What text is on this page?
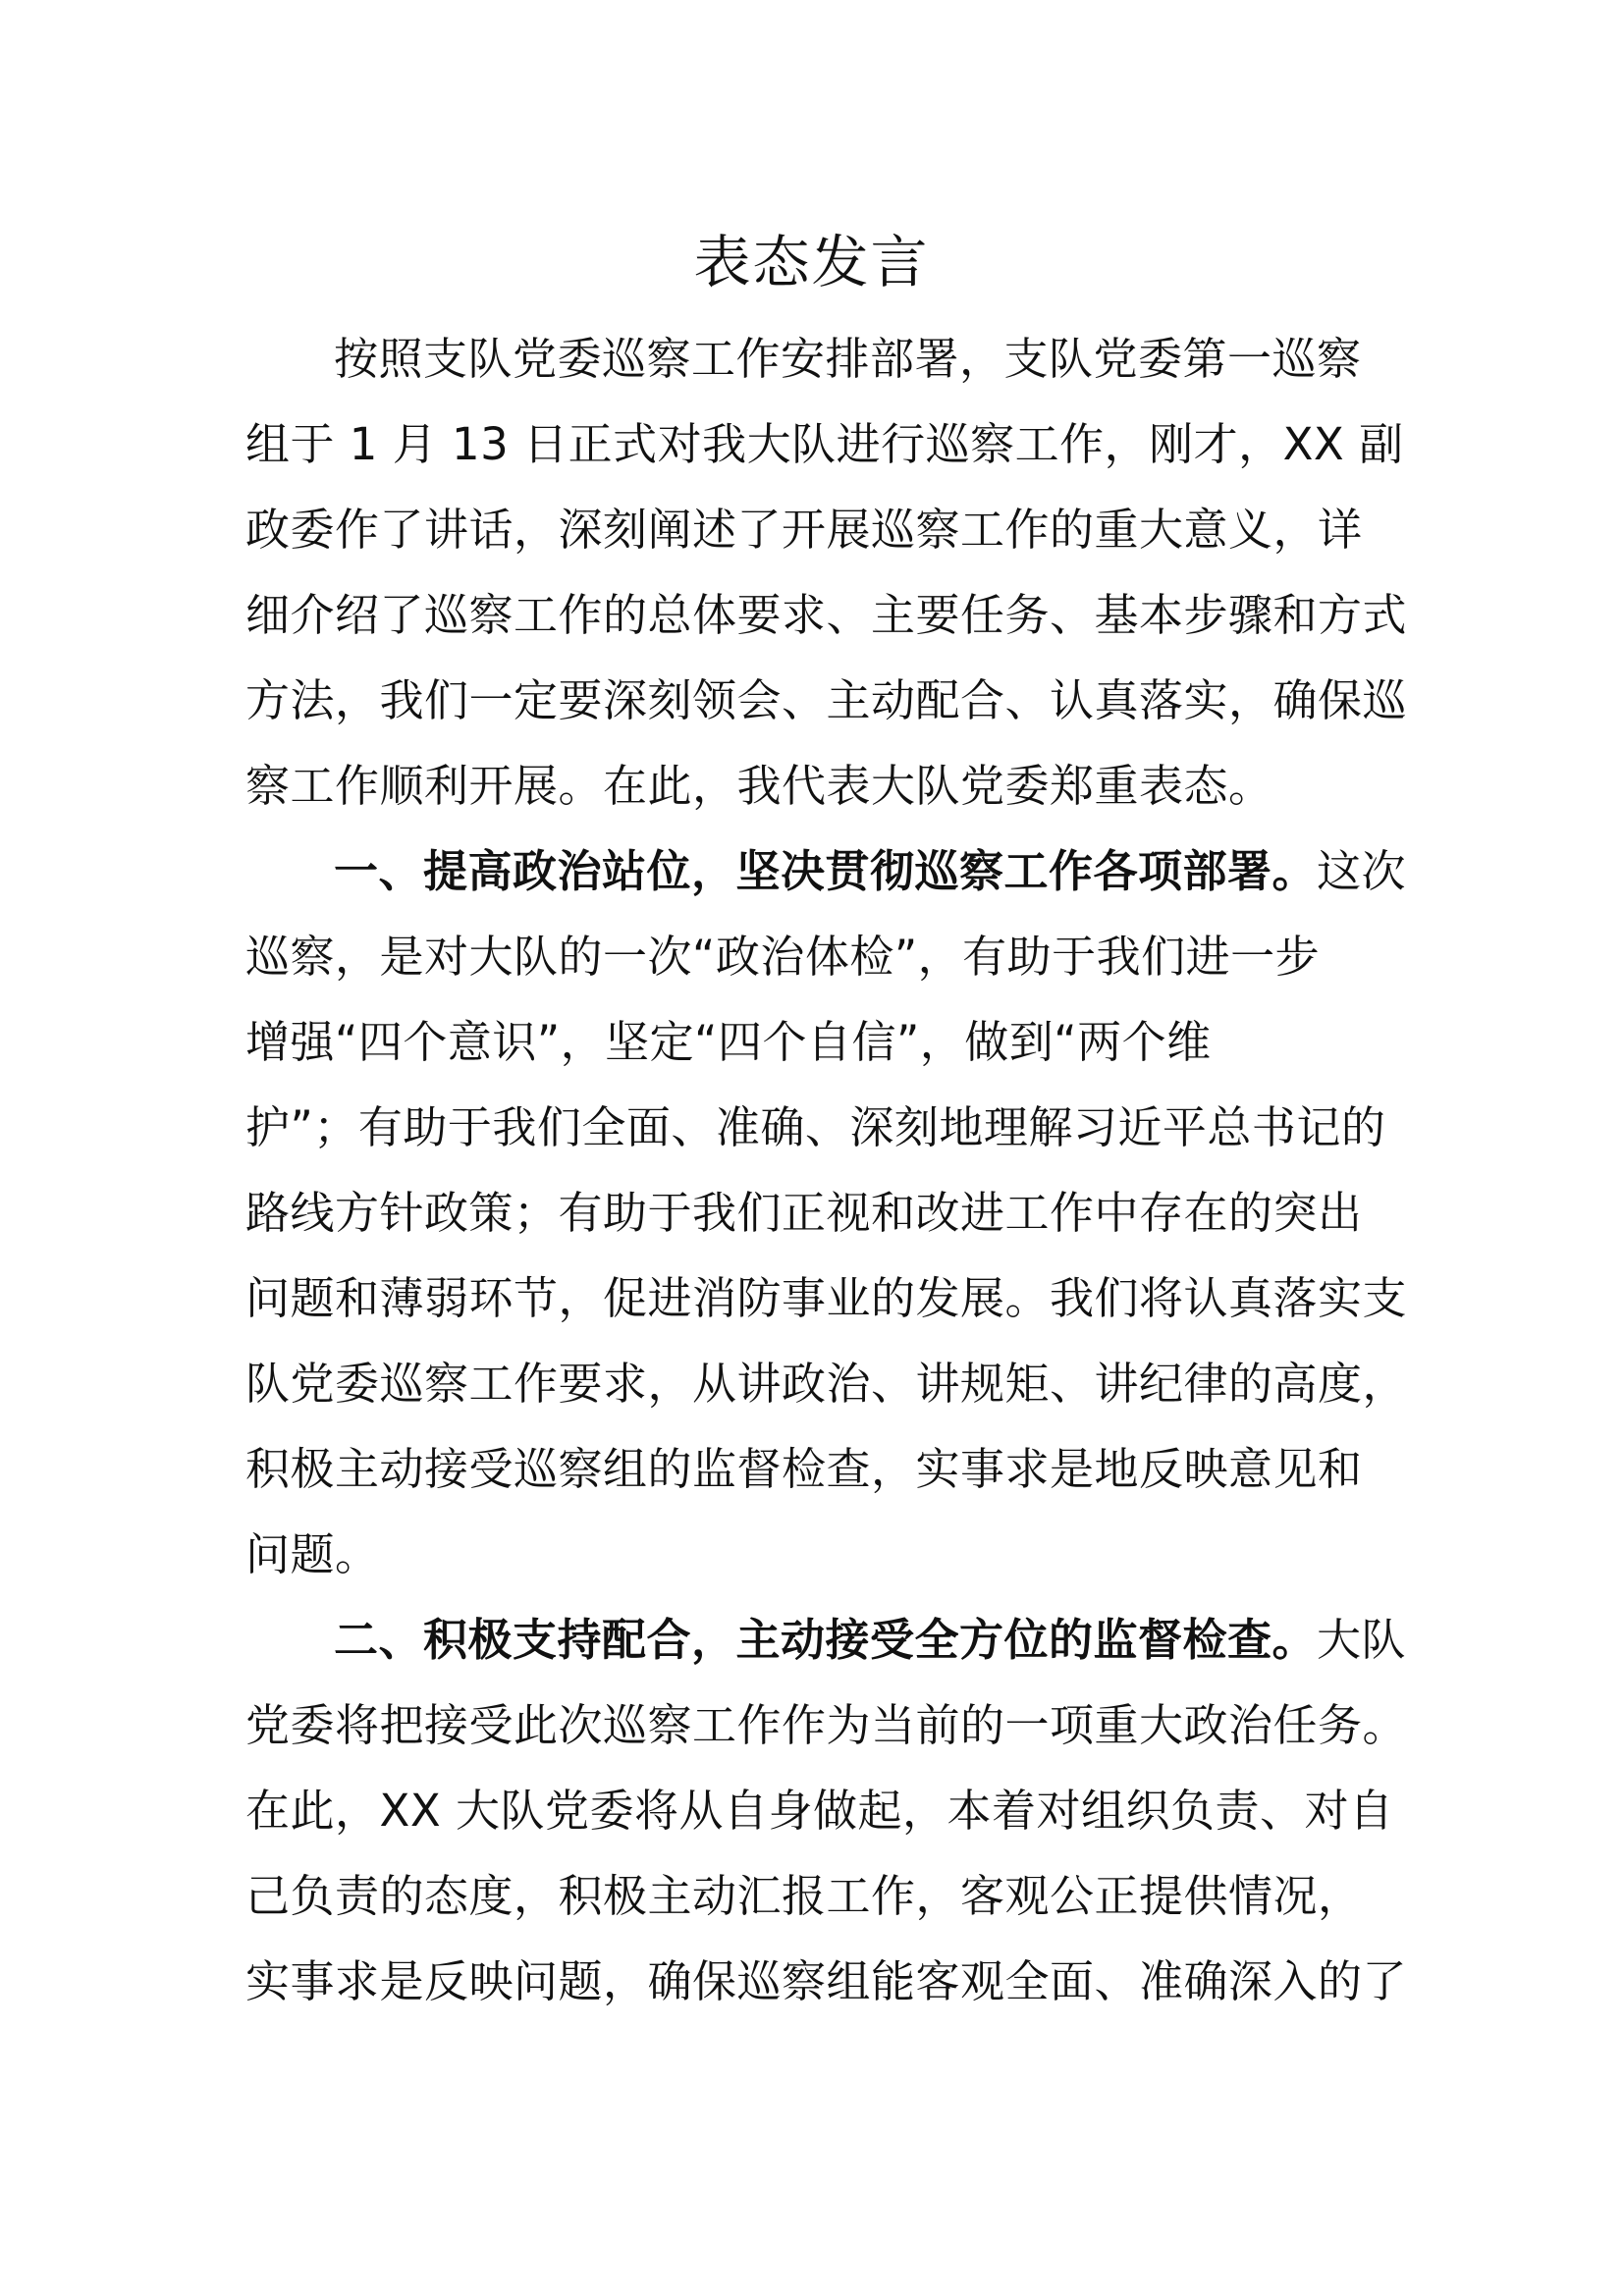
表态发言
按照支队党委巡察工作安排部署，支队党委第一巡察
组于 1 月 13 日正式对我大队进行巡察工作，刚才，XX 副
政委作了讲话，深刻阐述了开展巡察工作的重大意义，详
细介绍了巡察工作的总体要求、主要任务、基本步骤和方式
方法，我们一定要深刻领会、主动配合、认真落实，确保巡
察工作顺利开展。在此，我代表大队党委郑重表态。
一、提高政治站位，坚决贯彻巡察工作各项部署。这次
巡察，是对大队的一次“政治体检”，有助于我们进一步
增强“四个意识”，坚定“四个自信”，做到“两个维
护”；有助于我们全面、准确、深刻地理解习近平总书记的
路线方针政策；有助于我们正视和改进工作中存在的突出
问题和薄弱环节，促进消防事业的发展。我们将认真落实支
队党委巡察工作要求，从讲政治、讲规矩、讲纪律的高度，
积极主动接受巡察组的监督检查，实事求是地反映意见和
问题。
二、积极支持配合，主动接受全方位的监督检查。大队
党委将把接受此次巡察工作作为当前的一项重大政治任务。
在此，XX 大队党委将从自身做起，本着对组织负责、对自
己负责的态度，积极主动汇报工作，客观公正提供情况，
实事求是反映问题，确保巡察组能客观全面、准确深入的了
